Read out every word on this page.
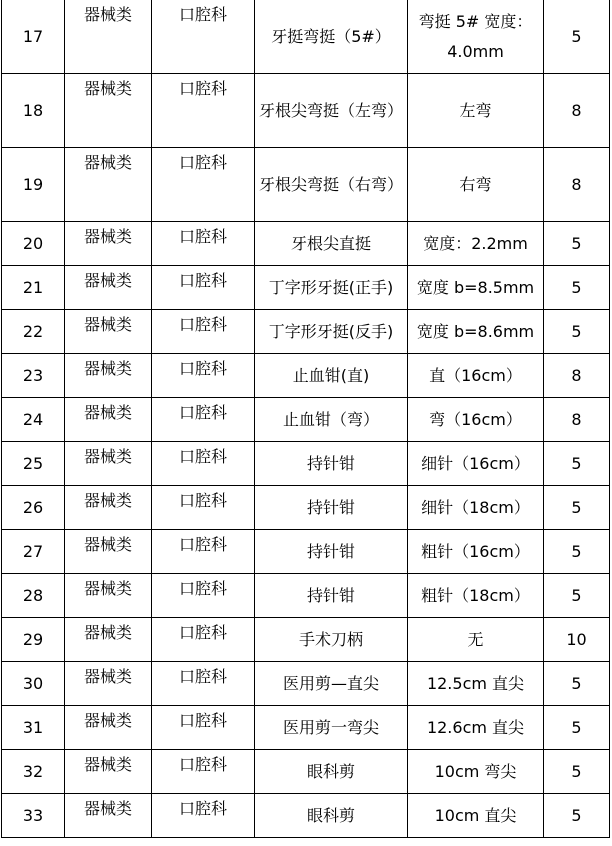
17	器械类	口腔科	牙挺弯挺（5#）	弯挺 5# 宽度：4.0mm	5
18	器械类	口腔科	牙根尖弯挺（左弯）	左弯	8
19	器械类	口腔科	牙根尖弯挺（右弯）	右弯	8
20	器械类	口腔科	牙根尖直挺	宽度：2.2mm	5
21	器械类	口腔科	丁字形牙挺(正手)	宽度 b=8.5mm	5
22	器械类	口腔科	丁字形牙挺(反手)	宽度 b=8.6mm	5
23	器械类	口腔科	止血钳(直)	直（16cm）	8
24	器械类	口腔科	止血钳（弯）	弯（16cm）	8
25	器械类	口腔科	持针钳	细针（16cm）	5
26	器械类	口腔科	持针钳	细针（18cm）	5
27	器械类	口腔科	持针钳	粗针（16cm）	5
28	器械类	口腔科	持针钳	粗针（18cm）	5
29	器械类	口腔科	手术刀柄	无	10
30	器械类	口腔科	医用剪—直尖	12.5cm 直尖	5
31	器械类	口腔科	医用剪一弯尖	12.6cm 直尖	5
32	器械类	口腔科	眼科剪	10cm 弯尖	5
33	器械类	口腔科	眼科剪	10cm 直尖	5
